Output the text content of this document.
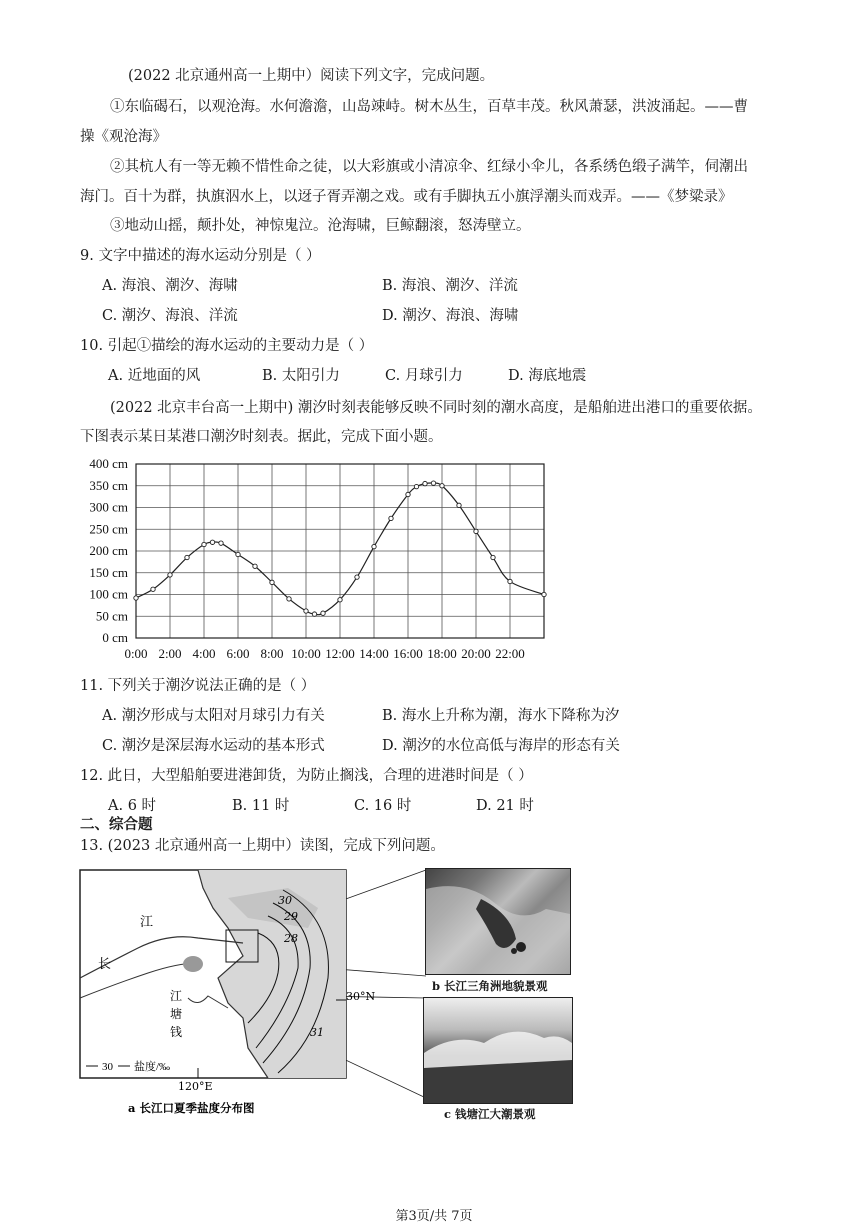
(2022 北京通州高一上期中）阅读下列文字，完成问题。
①东临碣石，以观沧海。水何澹澹，山岛竦峙。树木丛生，百草丰茂。秋风萧瑟，洪波涌起。——曹
操《观沧海》
②其杭人有一等无赖不惜性命之徒，以大彩旗或小清凉伞、红绿小伞儿，各系绣色缎子满竿，伺潮出
海门。百十为群，执旗泅水上，以迓子胥弄潮之戏。或有手脚执五小旗浮潮头而戏弄。——《梦粱录》
③地动山摇，颠扑处，神惊鬼泣。沧海啸，巨鲸翻滚，怒涛壁立。
9. 文字中描述的海水运动分别是（ ）
A. 海浪、潮汐、海啸	B. 海浪、潮汐、洋流
C. 潮汐、海浪、洋流	D. 潮汐、海浪、海啸
10. 引起①描绘的海水运动的主要动力是（ ）
A. 近地面的风	B. 太阳引力	C. 月球引力	D. 海底地震
(2022 北京丰台高一上期中) 潮汐时刻表能够反映不同时刻的潮水高度，是船舶进出港口的重要依据。
下图表示某日某港口潮汐时刻表。据此，完成下面小题。
0 cm
50 cm
100 cm
150 cm
200 cm
250 cm
300 cm
350 cm
400 cm
0:00 2:00 4:00 6:00 8:00 10:00 12:00 14:00 16:00 18:00 20:00 22:00
11. 下列关于潮汐说法正确的是（ ）
A. 潮汐形成与太阳对月球引力有关	B. 海水上升称为潮，海水下降称为汐
C. 潮汐是深层海水运动的基本形式	D. 潮汐的水位高低与海岸的形态有关
12. 此日，大型船舶要进港卸货，为防止搁浅，合理的进港时间是（ ）
A. 6 时	B. 11 时	C. 16 时	D. 21 时
二、综合题
13. (2023 北京通州高一上期中）读图，完成下列问题。
30 盐度/‰
江
长
江
塘
钱
30
29
28
31
30°N
120°E
a 长江口夏季盐度分布图
b 长江三角洲地貌景观
c 钱塘江大潮景观
第3页/共 7页
